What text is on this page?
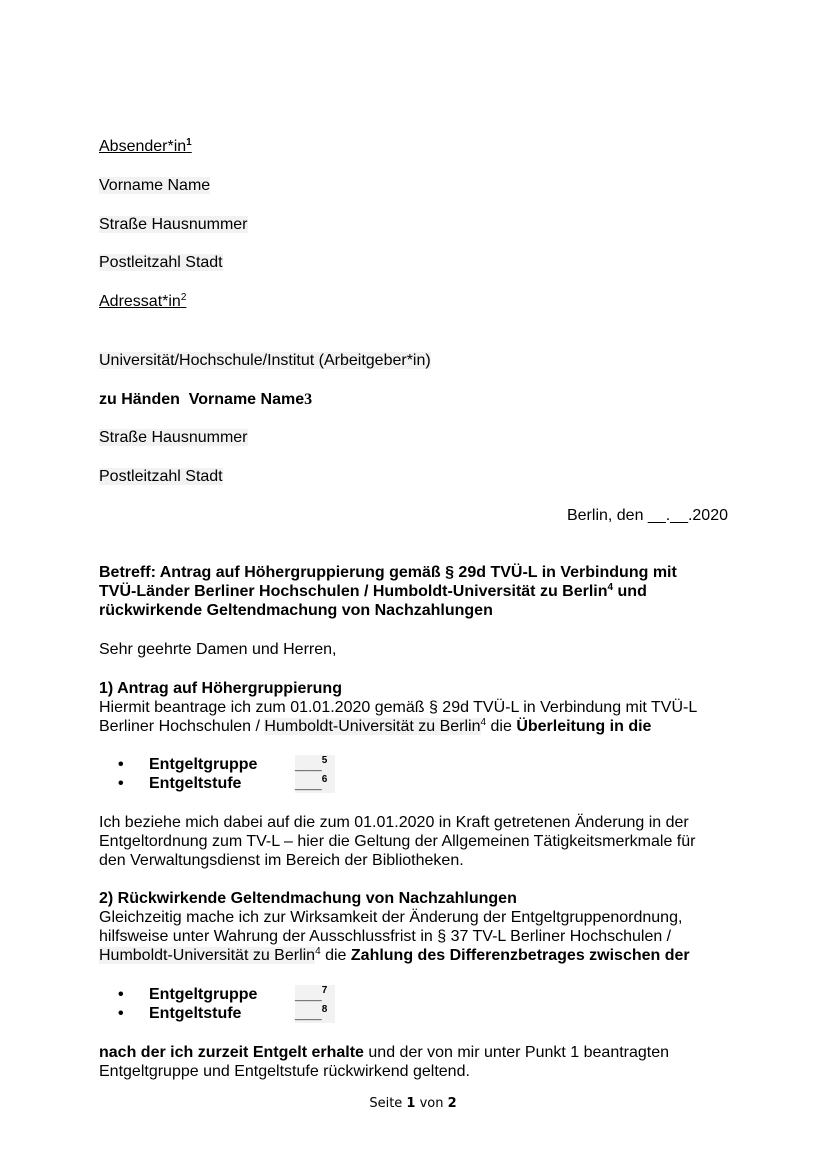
$Absender*in^1$
Vorname Name
Straße Hausnummer
Postleitzahl Stadt
$Adressat*in^2$
Universität/Hochschule/Institut (Arbeitgeber*in)
zu Händen  Vorname Name3
Straße Hausnummer
Postleitzahl Stadt
Berlin, den __.__.2020
Betreff: Antrag auf Höhergruppierung gemäß § 29d TVÜ-L in Verbindung mit
TVÜ-Länder Berliner Hochschulen / Humboldt-Universität zu Berlin$^4$ und
rückwirkende Geltendmachung von Nachzahlungen
Sehr geehrte Damen und Herren,
1) Antrag auf Höhergruppierung
Hiermit beantrage ich zum 01.01.2020 gemäß § 29d TVÜ-L in Verbindung mit TVÜ-L
Berliner Hochschulen / Humboldt-Universität zu Berlin$^4$ die Überleitung in die
• Entgeltgruppe ___$^5$
• Entgeltstufe	___$^6$
Ich beziehe mich dabei auf die zum 01.01.2020 in Kraft getretenen Änderung in der
Entgeltordnung zum TV-L – hier die Geltung der Allgemeinen Tätigkeitsmerkmale für
den Verwaltungsdienst im Bereich der Bibliotheken.
2) Rückwirkende Geltendmachung von Nachzahlungen
Gleichzeitig mache ich zur Wirksamkeit der Änderung der Entgeltgruppenordnung,
hilfsweise unter Wahrung der Ausschlussfrist in § 37 TV-L Berliner Hochschulen /
Humboldt-Universität zu Berlin$^4$ die Zahlung des Differenzbetrages zwischen der
• Entgeltgruppe ___$^7$
• Entgeltstufe	___$^8$
nach der ich zurzeit Entgelt erhalte und der von mir unter Punkt 1 beantragten
Entgeltgruppe und Entgeltstufe rückwirkend geltend.
Seite 1 von 2
